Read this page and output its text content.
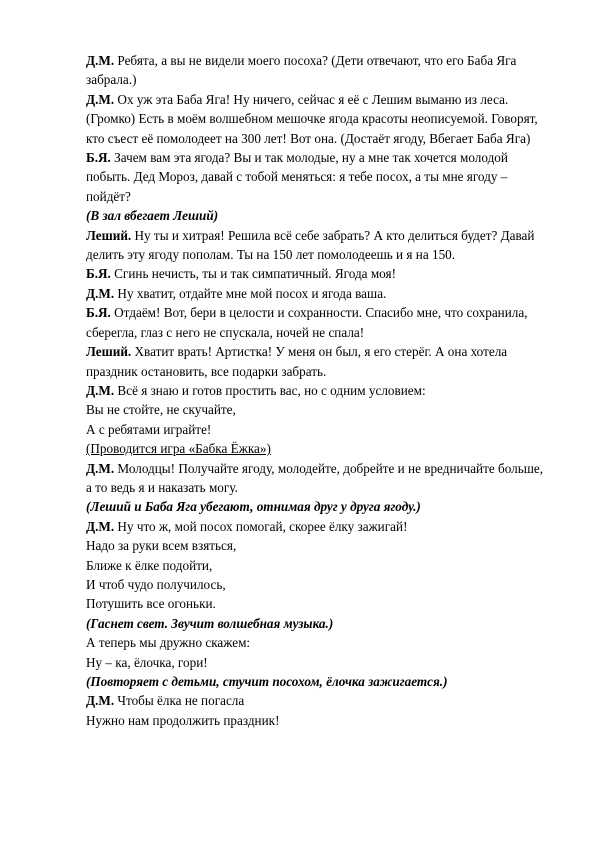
Д.М. Ребята, а вы не видели моего посоха? (Дети отвечают, что его Баба Яга забрала.)

Д.М. Ох уж эта Баба Яга! Ну ничего, сейчас я её с Лешим выманю из леса. (Громко) Есть в моём волшебном мешочке ягода красоты неописуемой. Говорят, кто съест её помолодеет на 300 лет! Вот она. (Достаёт ягоду, Вбегает Баба Яга)

Б.Я. Зачем вам эта ягода? Вы и так молодые, ну а мне так хочется молодой побыть. Дед Мороз, давай с тобой меняться: я тебе посох, а ты мне ягоду – пойдёт?

(В зал вбегает Леший)

Леший. Ну ты и хитрая! Решила всё себе забрать? А кто делиться будет? Давай делить эту ягоду пополам. Ты на 150 лет помолодеешь и я на 150.

Б.Я. Сгинь нечисть, ты и так симпатичный. Ягода моя!

Д.М. Ну хватит, отдайте мне мой посох и ягода ваша.

Б.Я. Отдаём! Вот, бери в целости и сохранности. Спасибо мне, что сохранила, сберегла, глаз с него не спускала, ночей не спала!

Леший. Хватит врать! Артистка! У меня он был, я его стерёг. А она хотела праздник остановить, все подарки забрать.

Д.М. Всё я знаю и готов простить вас, но с одним условием:

Вы не стойте, не скучайте,

А с ребятами играйте!

(Проводится игра «Бабка Ёжка»)

Д.М. Молодцы! Получайте ягоду, молодейте, добрейте и не вредничайте больше, а то ведь я и наказать могу.

(Леший и Баба Яга убегают, отнимая друг у друга ягоду.)

Д.М. Ну что ж, мой посох помогай, скорее ёлку зажигай!

Надо за руки всем взяться,

Ближе к ёлке подойти,

И чтоб чудо получилось,

Потушить все огоньки.

(Гаснет свет. Звучит волшебная музыка.)

А теперь мы дружно скажем:

Ну – ка, ёлочка, гори!

(Повторяет с детьми, стучит посохом, ёлочка зажигается.)

Д.М. Чтобы ёлка не погасла

Нужно нам продолжить праздник!
